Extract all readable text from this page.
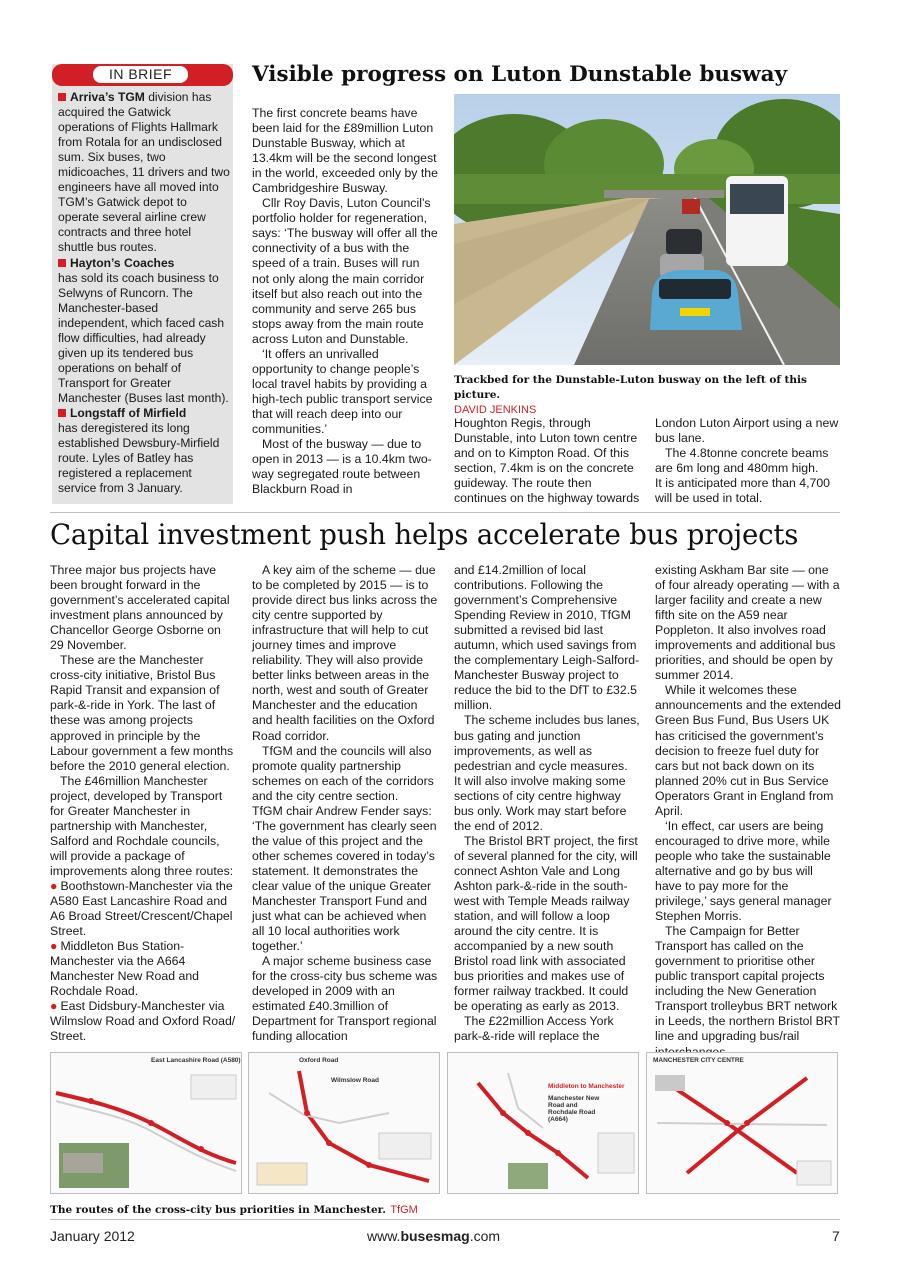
IN BRIEF

Arriva’s TGM division has acquired the Gatwick operations of Flights Hallmark from Rotala for an undisclosed sum. Six buses, two midicoaches, 11 drivers and two engineers have all moved into TGM’s Gatwick depot to operate several airline crew contracts and three hotel shuttle bus routes.

Hayton’s Coaches
has sold its coach business to Selwyns of Runcorn. The Manchester-based independent, which faced cash flow difficulties, had already given up its tendered bus operations on behalf of Transport for Greater Manchester (Buses last month).

Longstaff of Mirfield
has deregistered its long established Dewsbury-Mirfield route. Lyles of Batley has registered a replacement service from 3 January.

Visible progress on Luton Dunstable busway

The first concrete beams have been laid for the £89million Luton Dunstable Busway, which at 13.4km will be the second longest in the world, exceeded only by the Cambridgeshire Busway.

Cllr Roy Davis, Luton Council’s portfolio holder for regeneration, says: ‘The busway will offer all the connectivity of a bus with the speed of a train. Buses will run not only along the main corridor itself but also reach out into the community and serve 265 bus stops away from the main route across Luton and Dunstable.

‘It offers an unrivalled opportunity to change people’s local travel habits by providing a high-tech public transport service that will reach deep into our communities.’

Most of the busway — due to open in 2013 — is a 10.4km two-way segregated route between Blackburn Road in

Trackbed for the Dunstable-Luton busway on the left of this picture.
DAVID JENKINS

Houghton Regis, through Dunstable, into Luton town centre and on to Kimpton Road. Of this section, 7.4km is on the concrete guideway. The route then continues on the highway towards

London Luton Airport using a new bus lane.

The 4.8tonne concrete beams are 6m long and 480mm high.

It is anticipated more than 4,700 will be used in total.

Capital investment push helps accelerate bus projects

Three major bus projects have been brought forward in the government’s accelerated capital investment plans announced by Chancellor George Osborne on 29 November.

These are the Manchester cross-city initiative, Bristol Bus Rapid Transit and expansion of park-&-ride in York. The last of these was among projects approved in principle by the Labour government a few months before the 2010 general election.

The £46million Manchester project, developed by Transport for Greater Manchester in partnership with Manchester, Salford and Rochdale councils, will provide a package of improvements along three routes:

● Boothstown-Manchester via the A580 East Lancashire Road and A6 Broad Street/Crescent/Chapel Street.

● Middleton Bus Station-Manchester via the A664 Manchester New Road and Rochdale Road.

● East Didsbury-Manchester via Wilmslow Road and Oxford Road/ Street.

A key aim of the scheme — due to be completed by 2015 — is to provide direct bus links across the city centre supported by infrastructure that will help to cut journey times and improve reliability. They will also provide better links between areas in the north, west and south of Greater Manchester and the education and health facilities on the Oxford Road corridor.

TfGM and the councils will also promote quality partnership schemes on each of the corridors and the city centre section.

TfGM chair Andrew Fender says: ‘The government has clearly seen the value of this project and the other schemes covered in today’s statement. It demonstrates the clear value of the unique Greater Manchester Transport Fund and just what can be achieved when all 10 local authorities work together.’

A major scheme business case for the cross-city bus scheme was developed in 2009 with an estimated £40.3million of Department for Transport regional funding allocation

and £14.2million of local contributions. Following the government’s Comprehensive Spending Review in 2010, TfGM submitted a revised bid last autumn, which used savings from the complementary Leigh-Salford-Manchester Busway project to reduce the bid to the DfT to £32.5 million.

The scheme includes bus lanes, bus gating and junction improvements, as well as pedestrian and cycle measures.

It will also involve making some sections of city centre highway bus only. Work may start before the end of 2012.

The Bristol BRT project, the first of several planned for the city, will connect Ashton Vale and Long Ashton park-&-ride in the south-west with Temple Meads railway station, and will follow a loop around the city centre. It is accompanied by a new south Bristol road link with associated bus priorities and makes use of former railway trackbed. It could be operating as early as 2013.

The £22million Access York park-&-ride will replace the

existing Askham Bar site — one of four already operating — with a larger facility and create a new fifth site on the A59 near Poppleton. It also involves road improvements and additional bus priorities, and should be open by summer 2014.

While it welcomes these announcements and the extended Green Bus Fund, Bus Users UK has criticised the government’s decision to freeze fuel duty for cars but not back down on its planned 20% cut in Bus Service Operators Grant in England from April.

‘In effect, car users are being encouraged to drive more, while people who take the sustainable alternative and go by bus will have to pay more for the privilege,’ says general manager Stephen Morris.

The Campaign for Better Transport has called on the government to prioritise other public transport capital projects including the New Generation Transport trolleybus BRT network in Leeds, the northern Bristol BRT line and upgrading bus/rail

East Lancashire Road (A580)	Oxford Road
Wilmslow Road
Middleton to Manchester
Manchester New Road and Rochdale Road (A664)
MANCHESTER CITY CENTRE
The routes of the cross-city bus priorities in Manchester. TfGM
January 2012	www.busesmag.com	7
